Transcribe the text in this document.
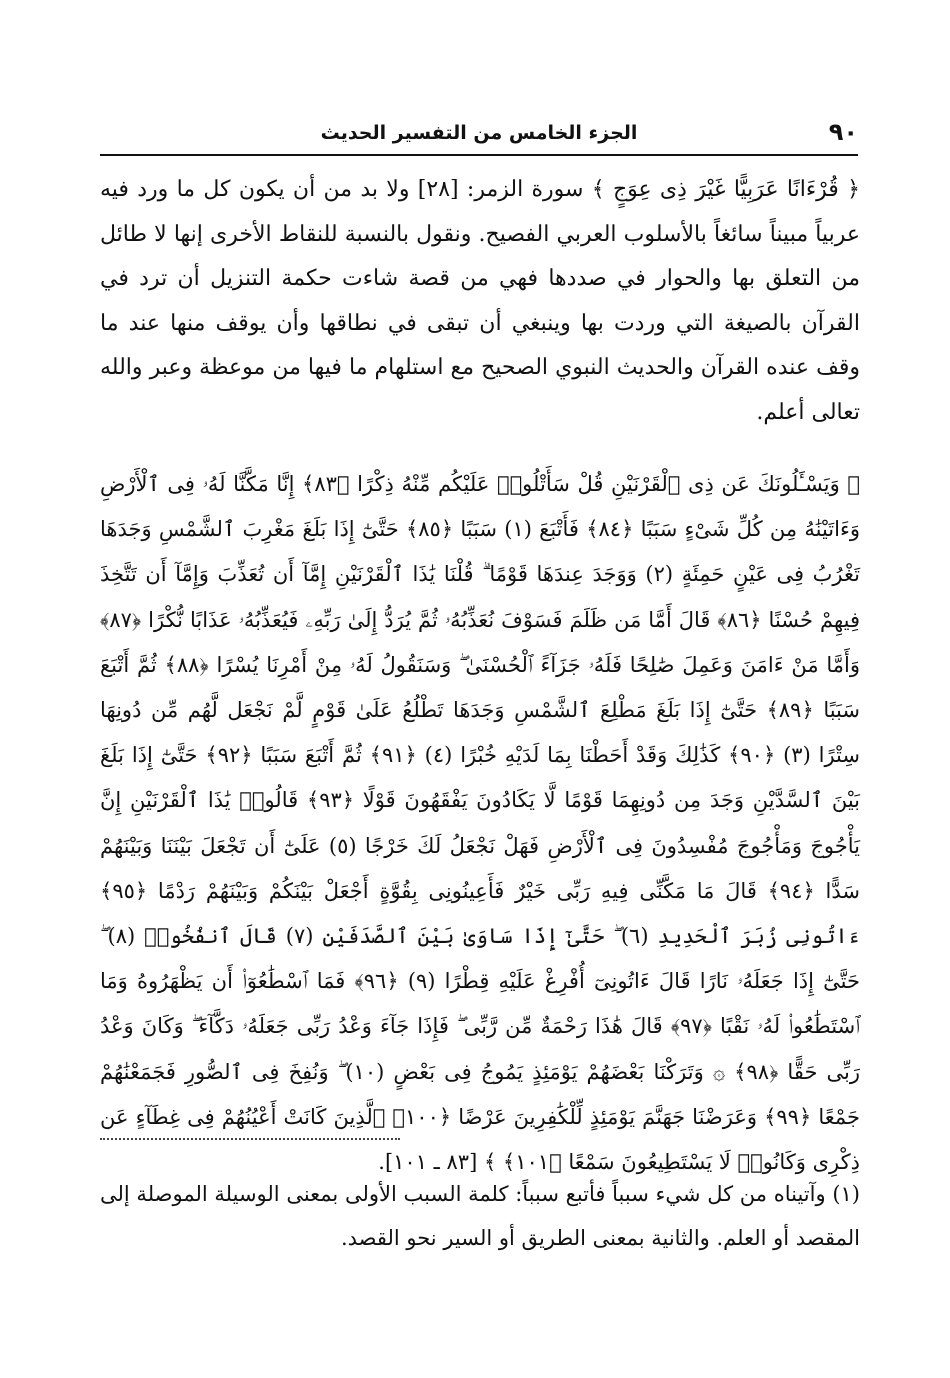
٩٠
الجزء الخامس من التفسير الحديث

﴿ قُرْءَانًا عَرَبِيًّا غَيْرَ ذِى عِوَجٍ ﴾ سورة الزمر: [٢٨] ولا بد من أن يكون كل ما ورد فيه عربياً مبيناً سائغاً بالأسلوب العربي الفصيح. ونقول بالنسبة للنقاط الأخرى إنها لا طائل من التعلق بها والحوار في صددها فهي من قصة شاءت حكمة التنزيل أن ترد في القرآن بالصيغة التي وردت بها وينبغي أن تبقى في نطاقها وأن يوقف منها عند ما وقف عنده القرآن والحديث النبوي الصحيح مع استلهام ما فيها من موعظة وعبر والله تعالى أعلم.

﴿ وَيَسْـَٔلُونَكَ عَن ذِى ٱلْقَرْنَيْنِ قُلْ سَأَتْلُوا۟ عَلَيْكُم مِّنْهُ ذِكْرًا ﴿٨٣﴾ إِنَّا مَكَّنَّا لَهُۥ فِى ٱلْأَرْضِ وَءَاتَيْنَٰهُ مِن كُلِّ شَىْءٍ سَبَبًا ﴿٨٤﴾ فَأَتْبَعَ (١) سَبَبًا ﴿٨٥﴾ حَتَّىٰٓ إِذَا بَلَغَ مَغْرِبَ ٱلشَّمْسِ وَجَدَهَا تَغْرُبُ فِى عَيْنٍ حَمِئَةٍ (٢) وَوَجَدَ عِندَهَا قَوْمًا ۗ قُلْنَا يَٰذَا ٱلْقَرْنَيْنِ إِمَّآ أَن تُعَذِّبَ وَإِمَّآ أَن تَتَّخِذَ فِيهِمْ حُسْنًا ﴿٨٦﴾ قَالَ أَمَّا مَن ظَلَمَ فَسَوْفَ نُعَذِّبُهُۥ ثُمَّ يُرَدُّ إِلَىٰ رَبِّهِۦ فَيُعَذِّبُهُۥ عَذَابًا نُّكْرًا ﴿٨٧﴾ وَأَمَّا مَنْ ءَامَنَ وَعَمِلَ صَٰلِحًا فَلَهُۥ جَزَآءً ٱلْحُسْنَىٰ ۖ وَسَنَقُولُ لَهُۥ مِنْ أَمْرِنَا يُسْرًا ﴿٨٨﴾ ثُمَّ أَتْبَعَ سَبَبًا ﴿٨٩﴾ حَتَّىٰٓ إِذَا بَلَغَ مَطْلِعَ ٱلشَّمْسِ وَجَدَهَا تَطْلُعُ عَلَىٰ قَوْمٍ لَّمْ نَجْعَل لَّهُم مِّن دُونِهَا سِتْرًا (٣) ﴿٩٠﴾ كَذَٰلِكَ وَقَدْ أَحَطْنَا بِمَا لَدَيْهِ خُبْرًا (٤) ﴿٩١﴾ ثُمَّ أَتْبَعَ سَبَبًا ﴿٩٢﴾ حَتَّىٰٓ إِذَا بَلَغَ بَيْنَ ٱلسَّدَّيْنِ وَجَدَ مِن دُونِهِمَا قَوْمًا لَّا يَكَادُونَ يَفْقَهُونَ قَوْلًا ﴿٩٣﴾ قَالُوا۟ يَٰذَا ٱلْقَرْنَيْنِ إِنَّ يَأْجُوجَ وَمَأْجُوجَ مُفْسِدُونَ فِى ٱلْأَرْضِ فَهَلْ نَجْعَلُ لَكَ خَرْجًا (٥) عَلَىٰٓ أَن تَجْعَلَ بَيْنَنَا وَبَيْنَهُمْ سَدًّا ﴿٩٤﴾ قَالَ مَا مَكَّنِّى فِيهِ رَبِّى خَيْرٌ فَأَعِينُونِى بِقُوَّةٍ أَجْعَلْ بَيْنَكُمْ وَبَيْنَهُمْ رَدْمًا ﴿٩٥﴾ ءَاتُونِى زُبَرَ ٱلْحَدِيدِ (٦) ۖ حَتَّىٰٓ إِذَا سَاوَىٰ بَيْنَ ٱلصَّدَفَيْنِ (٧) قَالَ ٱنفُخُوا۟ (٨) ۖ حَتَّىٰٓ إِذَا جَعَلَهُۥ نَارًا قَالَ ءَاتُونِىٓ أُفْرِغْ عَلَيْهِ قِطْرًا (٩) ﴿٩٦﴾ فَمَا ٱسْطَٰعُوٓا۟ أَن يَظْهَرُوهُ وَمَا ٱسْتَطَٰعُوا۟ لَهُۥ نَقْبًا ﴿٩٧﴾ قَالَ هَٰذَا رَحْمَةٌ مِّن رَّبِّى ۖ فَإِذَا جَآءَ وَعْدُ رَبِّى جَعَلَهُۥ دَكَّآءَ ۖ وَكَانَ وَعْدُ رَبِّى حَقًّا ﴿٩٨﴾ ۞ وَتَرَكْنَا بَعْضَهُمْ يَوْمَئِذٍ يَمُوجُ فِى بَعْضٍ (١٠) ۖ وَنُفِخَ فِى ٱلصُّورِ فَجَمَعْنَٰهُمْ جَمْعًا ﴿٩٩﴾ وَعَرَضْنَا جَهَنَّمَ يَوْمَئِذٍ لِّلْكَٰفِرِينَ عَرْضًا ﴿١٠٠﴾ ٱلَّذِينَ كَانَتْ أَعْيُنُهُمْ فِى غِطَآءٍ عَن ذِكْرِى وَكَانُوا۟ لَا يَسْتَطِيعُونَ سَمْعًا ﴿١٠١﴾ ﴾ [٨٣ ـ ١٠١].

(١) وآتيناه من كل شيء سبباً فأتبع سبباً: كلمة السبب الأولى بمعنى الوسيلة الموصلة إلى المقصد أو العلم. والثانية بمعنى الطريق أو السير نحو القصد.
